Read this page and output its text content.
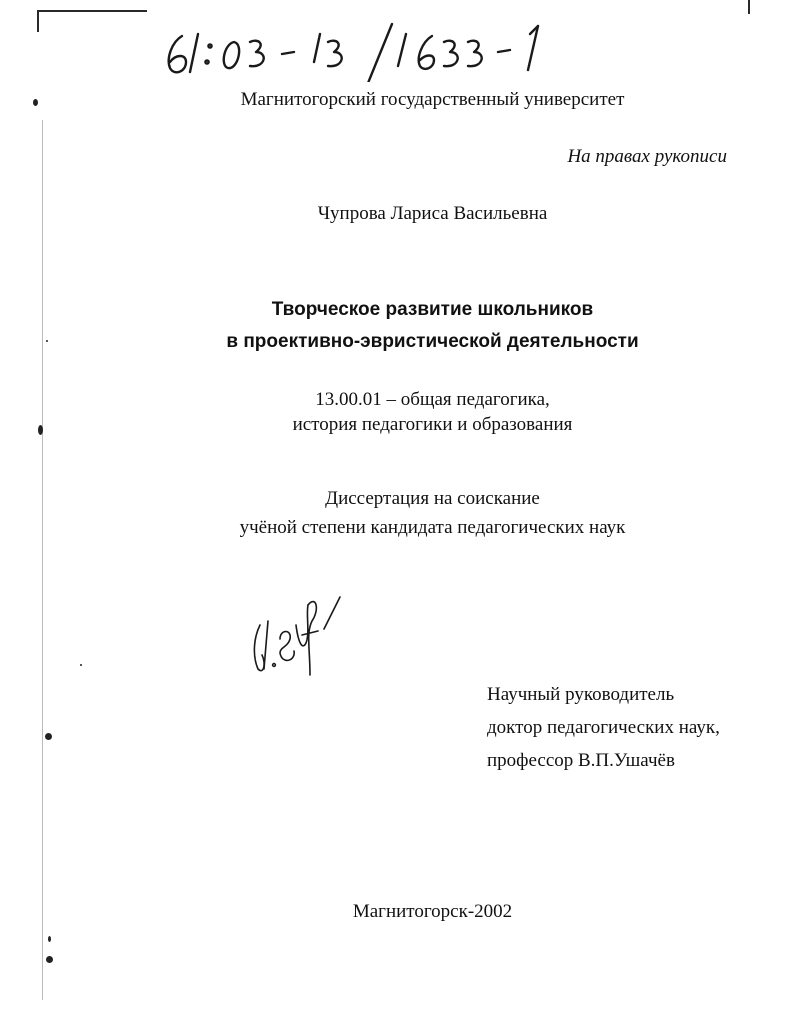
Магнитогорский государственный университет
На правах рукописи
Чупрова Лариса Васильевна
Творческое развитие школьников
в проективно-эвристической деятельности
13.00.01 – общая педагогика,
история педагогики и образования
Диссертация на соискание
учёной степени кандидата педагогических наук
Научный руководитель
доктор педагогических наук,
профессор В.П.Ушачёв
Магнитогорск-2002
